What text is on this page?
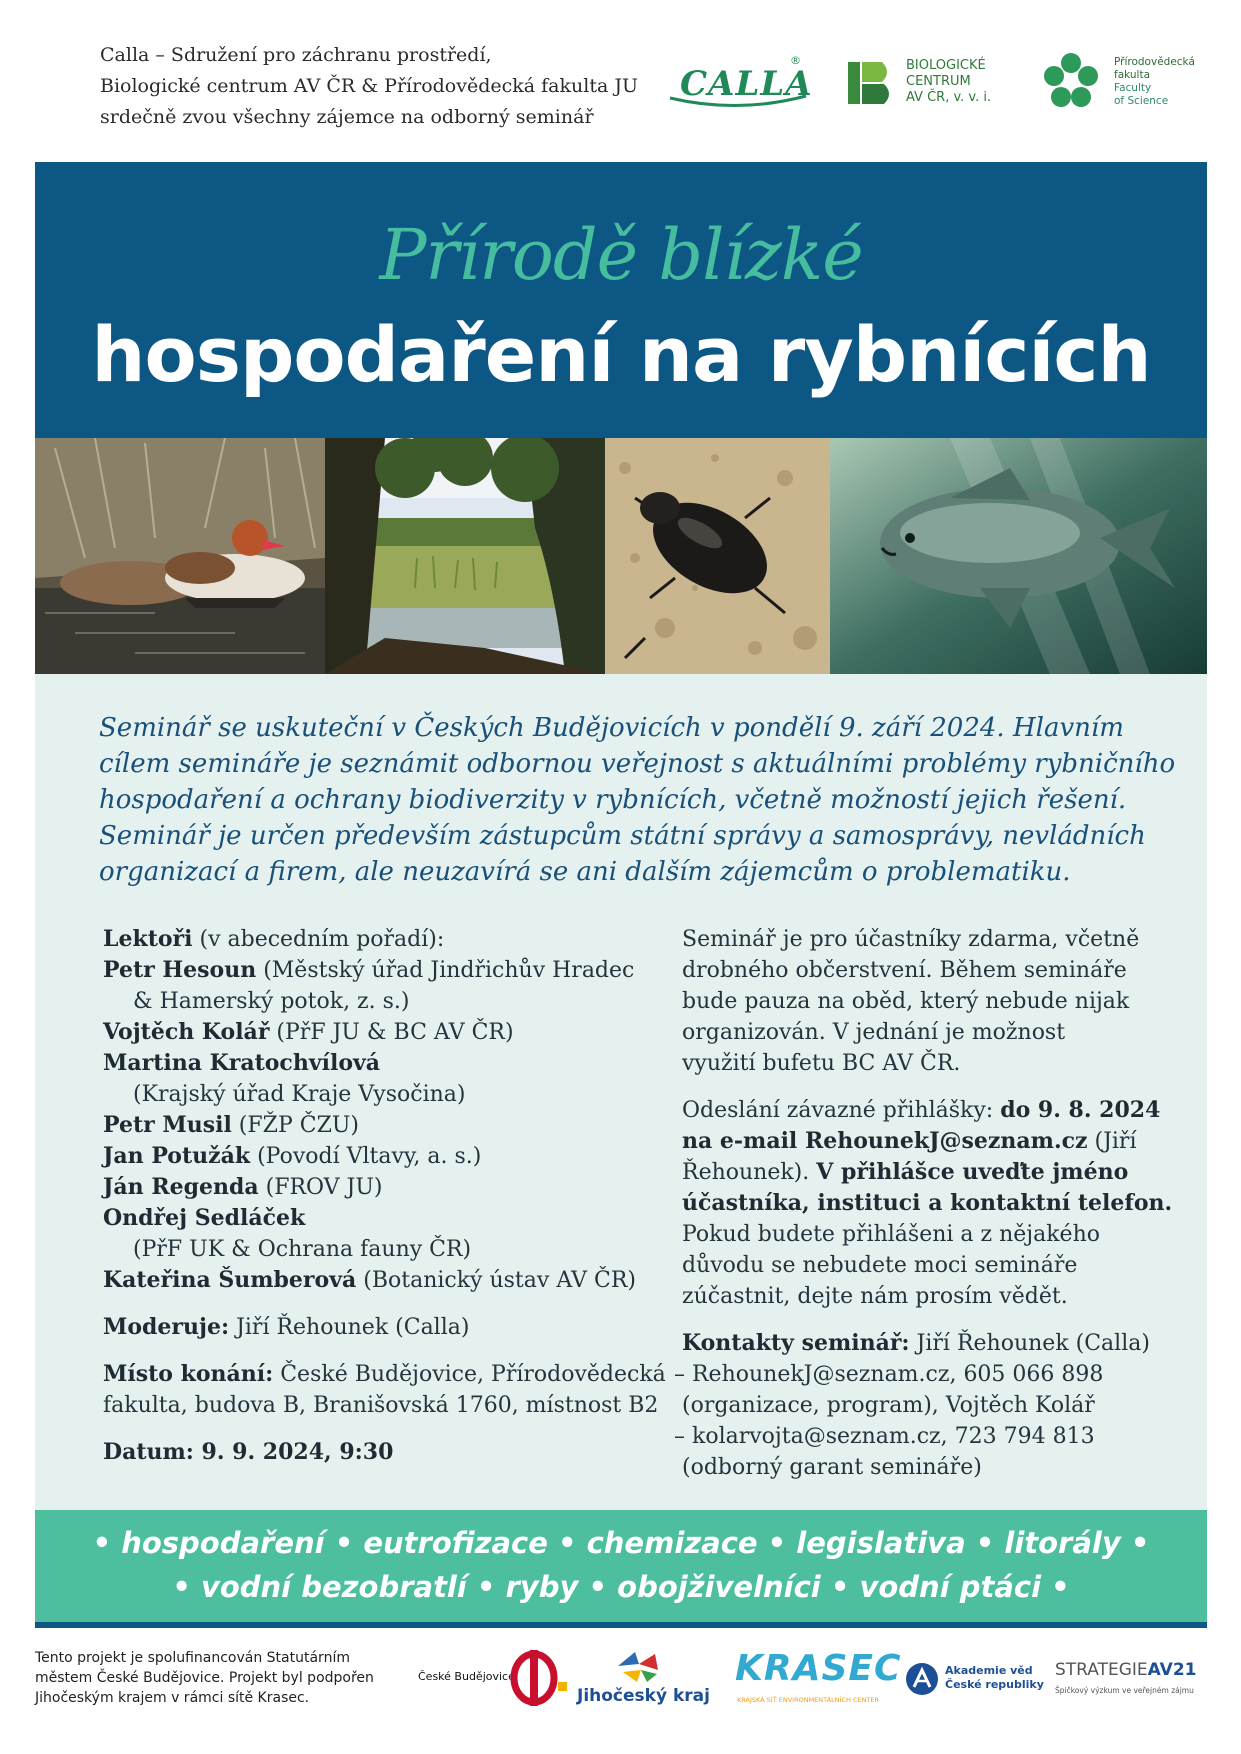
Calla – Sdružení pro záchranu prostředí,
Biologické centrum AV ČR & Přírodovědecká fakulta JU
srdečně zvou všechny zájemce na odborný seminář
CALLA
®	BIOLOGICKÉ
CENTRUM
AV ČR, v. v. i.
Přírodovědecká
fakulta
Faculty
of Science
Přírodě blízké
hospodaření na rybnících
Seminář se uskuteční v Českých Budějovicích v pondělí 9. září 2024. Hlavním
cílem semináře je seznámit odbornou veřejnost s aktuálními problémy rybničního
hospodaření a ochrany biodiverzity v rybnících, včetně možností jejich řešení.
Seminář je určen především zástupcům státní správy a samosprávy, nevládních
organizací a firem, ale neuzavírá se ani dalším zájemcům o problematiku.
Lektoři (v abecedním pořadí):
Petr Hesoun (Městský úřad Jindřichův Hradec
& Hamerský potok, z. s.)
Vojtěch Kolář (PřF JU & BC AV ČR)
Martina Kratochvílová
(Krajský úřad Kraje Vysočina)
Petr Musil (FŽP ČZU)
Jan Potužák (Povodí Vltavy, a. s.)
Ján Regenda (FROV JU)
Ondřej Sedláček
(PřF UK & Ochrana fauny ČR)
Kateřina Šumberová (Botanický ústav AV ČR)
Moderuje: Jiří Řehounek (Calla)
Místo konání: České Budějovice, Přírodovědecká
fakulta, budova B, Branišovská 1760, místnost B2
Datum: 9. 9. 2024, 9:30
Seminář je pro účastníky zdarma, včetně
drobného občerstvení. Během semináře
bude pauza na oběd, který nebude nijak
organizován. V jednání je možnost
využití bufetu BC AV ČR.
Odeslání závazné přihlášky: do 9. 8. 2024
na e-mail RehounekJ@seznam.cz (Jiří
Řehounek). V přihlášce uveďte jméno
účastníka, instituci a kontaktní telefon.
Pokud budete přihlášeni a z nějakého
důvodu se nebudete moci semináře
zúčastnit, dejte nám prosím vědět.
Kontakty seminář: Jiří Řehounek (Calla)
– RehounekJ@seznam.cz, 605 066 898
(organizace, program), Vojtěch Kolář
– kolarvojta@seznam.cz, 723 794 813
(odborný garant semináře)
• hospodaření • eutrofizace • chemizace • legislativa • litorály •
• vodní bezobratlí • ryby • obojživelníci • vodní ptáci •
Tento projekt je spolufinancován Statutárním
městem České Budějovice. Projekt byl podpořen
Jihočeským krajem v rámci sítě Krasec.
České Budějovice
Jihočeský kraj
KRASEC
KRAJSKÁ SÍŤ ENVIRONMENTÁLNÍCH CENTER
Akademie věd
České republiky
STRATEGIEAV21
Špičkový výzkum ve veřejném zájmu
